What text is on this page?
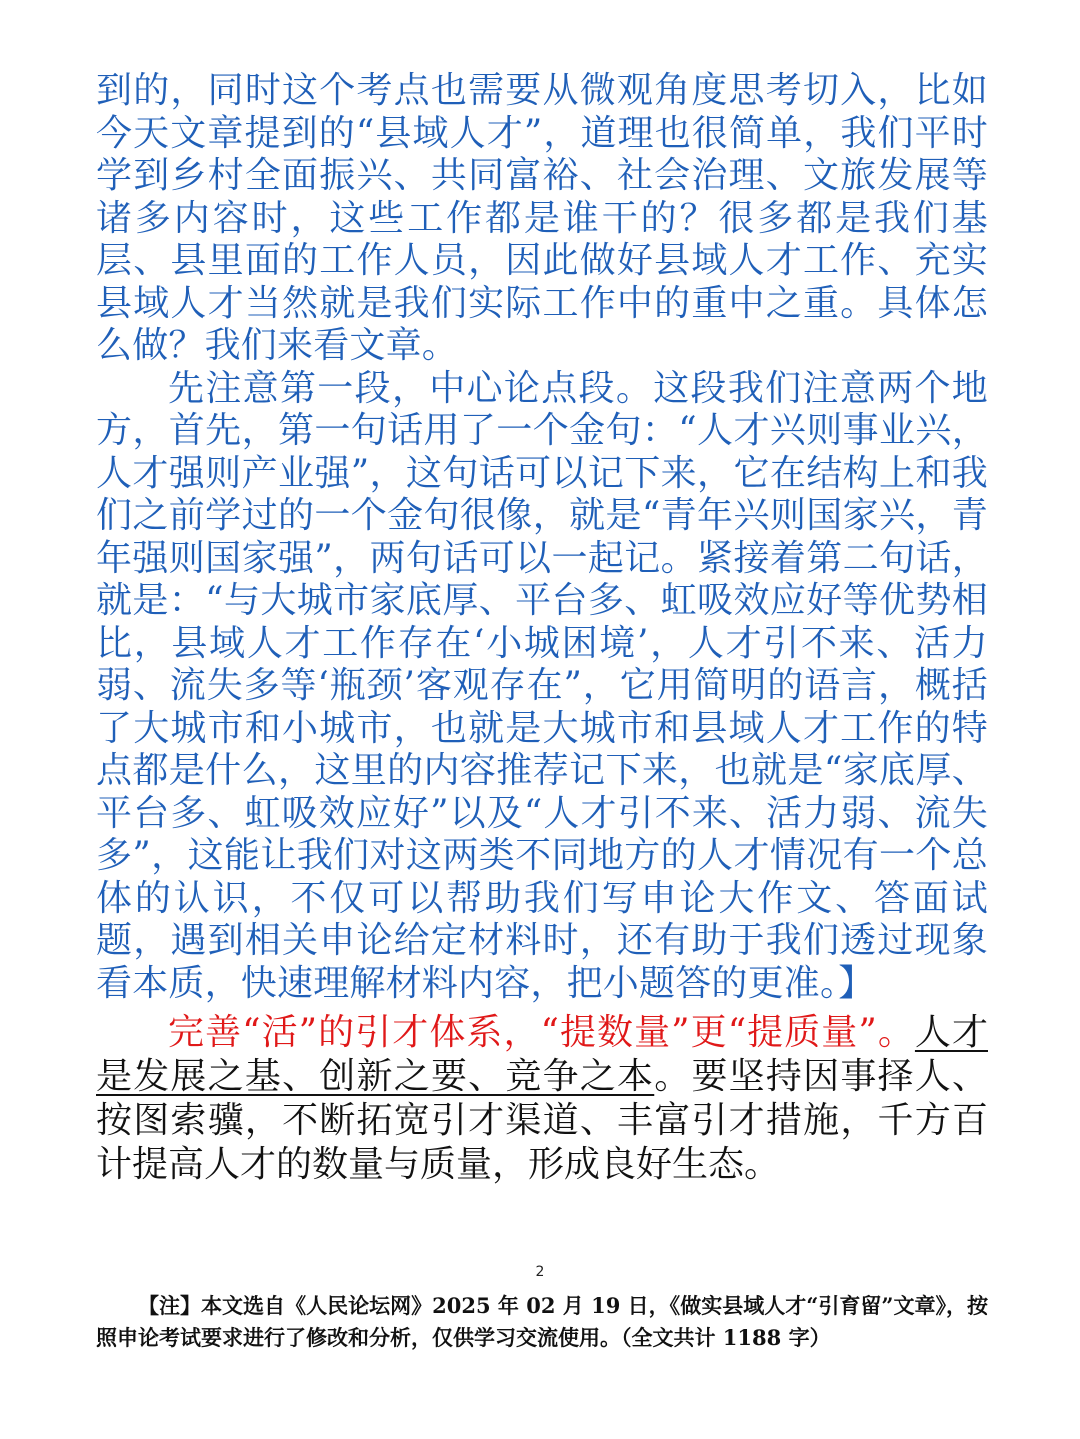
到的，同时这个考点也需要从微观角度思考切入，比如今天文章提到的“县域人才”，道理也很简单，我们平时学到乡村全面振兴、共同富裕、社会治理、文旅发展等诸多内容时，这些工作都是谁干的？很多都是我们基层、县里面的工作人员，因此做好县域人才工作、充实县域人才当然就是我们实际工作中的重中之重。具体怎么做？我们来看文章。

先注意第一段，中心论点段。这段我们注意两个地方，首先，第一句话用了一个金句：“人才兴则事业兴，人才强则产业强”，这句话可以记下来，它在结构上和我们之前学过的一个金句很像，就是“青年兴则国家兴，青年强则国家强”，两句话可以一起记。紧接着第二句话，就是：“与大城市家底厚、平台多、虹吸效应好等优势相比，县域人才工作存在‘小城困境’，人才引不来、活力弱、流失多等‘瓶颈’客观存在”，它用简明的语言，概括了大城市和小城市，也就是大城市和县域人才工作的特点都是什么，这里的内容推荐记下来，也就是“家底厚、平台多、虹吸效应好”以及“人才引不来、活力弱、流失多”，这能让我们对这两类不同地方的人才情况有一个总体的认识，不仅可以帮助我们写申论大作文、答面试题，遇到相关申论给定材料时，还有助于我们透过现象看本质，快速理解材料内容，把小题答的更准。】

完善“活”的引才体系，“提数量”更“提质量”。人才是发展之基、创新之要、竞争之本。要坚持因事择人、按图索骥，不断拓宽引才渠道、丰富引才措施，千方百计提高人才的数量与质量，形成良好生态。

2
【注】本文选自《人民论坛网》2025 年 02 月 19 日，《做实县域人才“引育留”文章》，按照申论考试要求进行了修改和分析，仅供学习交流使用。（全文共计 1188 字）
